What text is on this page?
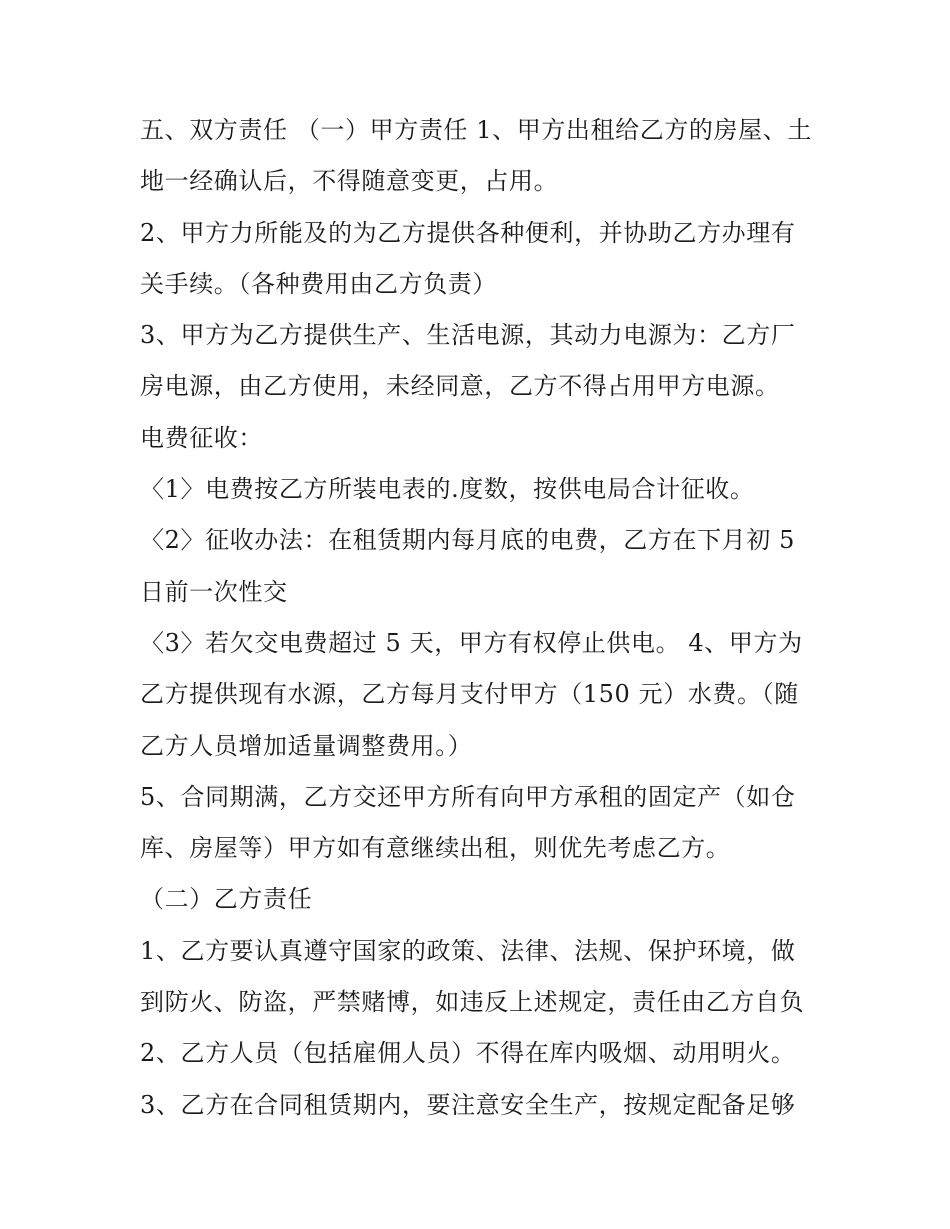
五、双方责任 （一）甲方责任 1、甲方出租给乙方的房屋、土
地一经确认后，不得随意变更，占用。
2、甲方力所能及的为乙方提供各种便利，并协助乙方办理有
关手续。（各种费用由乙方负责）
3、甲方为乙方提供生产、生活电源，其动力电源为：乙方厂
房电源，由乙方使用，未经同意，乙方不得占用甲方电源。
电费征收：
〈1〉电费按乙方所装电表的.度数，按供电局合计征收。
〈2〉征收办法：在租赁期内每月底的电费，乙方在下月初 5
日前一次性交
〈3〉若欠交电费超过 5 天，甲方有权停止供电。 4、甲方为
乙方提供现有水源，乙方每月支付甲方（150 元）水费。（随
乙方人员增加适量调整费用。）
5、合同期满，乙方交还甲方所有向甲方承租的固定产（如仓
库、房屋等）甲方如有意继续出租，则优先考虑乙方。
（二）乙方责任
1、乙方要认真遵守国家的政策、法律、法规、保护环境，做
到防火、防盗，严禁赌博，如违反上述规定，责任由乙方自负
2、乙方人员（包括雇佣人员）不得在库内吸烟、动用明火。
3、乙方在合同租赁期内，要注意安全生产，按规定配备足够
